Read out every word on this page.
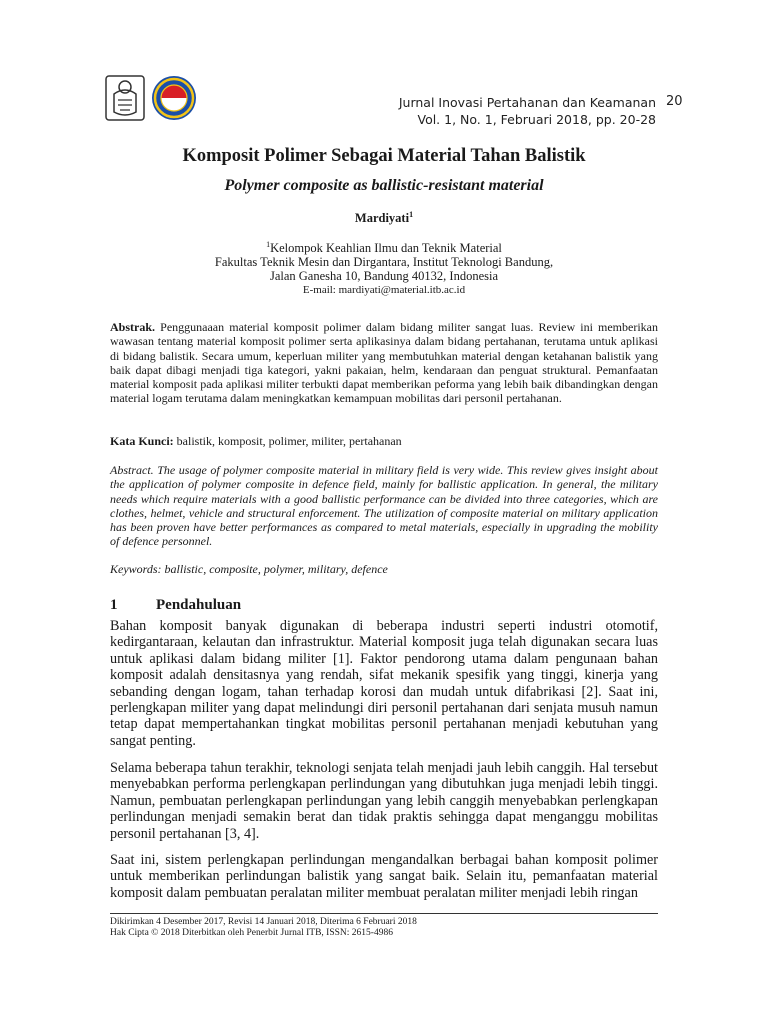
Jurnal Inovasi Pertahanan dan Keamanan
Vol. 1, No. 1, Februari 2018, pp. 20-28
20
Komposit Polimer Sebagai Material Tahan Balistik
Polymer composite as ballistic-resistant material
Mardiyati$^1$
$^1$Kelompok Keahlian Ilmu dan Teknik Material
Fakultas Teknik Mesin dan Dirgantara, Institut Teknologi Bandung,
Jalan Ganesha 10, Bandung 40132, Indonesia
E-mail: mardiyati@material.itb.ac.id
Abstrak. Penggunaaan material komposit polimer dalam bidang militer sangat luas. Review ini memberikan wawasan tentang material komposit polimer serta aplikasinya dalam bidang pertahanan, terutama untuk aplikasi di bidang balistik. Secara umum, keperluan militer yang membutuhkan material dengan ketahanan balistik yang baik dapat dibagi menjadi tiga kategori, yakni pakaian, helm, kendaraan dan penguat struktural. Pemanfaatan material komposit pada aplikasi militer terbukti dapat memberikan peforma yang lebih baik dibandingkan dengan material logam terutama dalam meningkatkan kemampuan mobilitas dari personil pertahanan.
Kata Kunci: balistik, komposit, polimer, militer, pertahanan
Abstract. The usage of polymer composite material in military field is very wide. This review gives insight about the application of polymer composite in defence field, mainly for ballistic application. In general, the military needs which require materials with a good ballistic performance can be divided into three categories, which are clothes, helmet, vehicle and structural enforcement. The utilization of composite material on military application has been proven have better performances as compared to metal materials, especially in upgrading the mobility of defence personnel.
Keywords: ballistic, composite, polymer, military, defence
1	Pendahuluan
Bahan komposit banyak digunakan di beberapa industri seperti industri otomotif, kedirgantaraan, kelautan dan infrastruktur. Material komposit juga telah digunakan secara luas untuk aplikasi dalam bidang militer [1]. Faktor pendorong utama dalam pengunaan bahan komposit adalah densitasnya yang rendah, sifat mekanik spesifik yang tinggi, kinerja yang sebanding dengan logam, tahan terhadap korosi dan mudah untuk difabrikasi [2]. Saat ini, perlengkapan militer yang dapat melindungi diri personil pertahanan dari senjata musuh namun tetap dapat mempertahankan tingkat mobilitas personil pertahanan menjadi kebutuhan yang sangat penting.
Selama beberapa tahun terakhir, teknologi senjata telah menjadi jauh lebih canggih. Hal tersebut menyebabkan performa perlengkapan perlindungan yang dibutuhkan juga menjadi lebih tinggi. Namun, pembuatan perlengkapan perlindungan yang lebih canggih menyebabkan perlengkapan perlindungan menjadi semakin berat dan tidak praktis sehingga dapat menganggu mobilitas personil pertahanan [3, 4].
Saat ini, sistem perlengkapan perlindungan mengandalkan berbagai bahan komposit polimer untuk memberikan perlindungan balistik yang sangat baik. Selain itu, pemanfaatan material komposit dalam pembuatan peralatan militer membuat peralatan militer menjadi lebih ringan
Dikirimkan 4 Desember 2017, Revisi 14 Januari 2018, Diterima 6 Februari 2018
Hak Cipta © 2018 Diterbitkan oleh Penerbit Jurnal ITB, ISSN: 2615-4986
